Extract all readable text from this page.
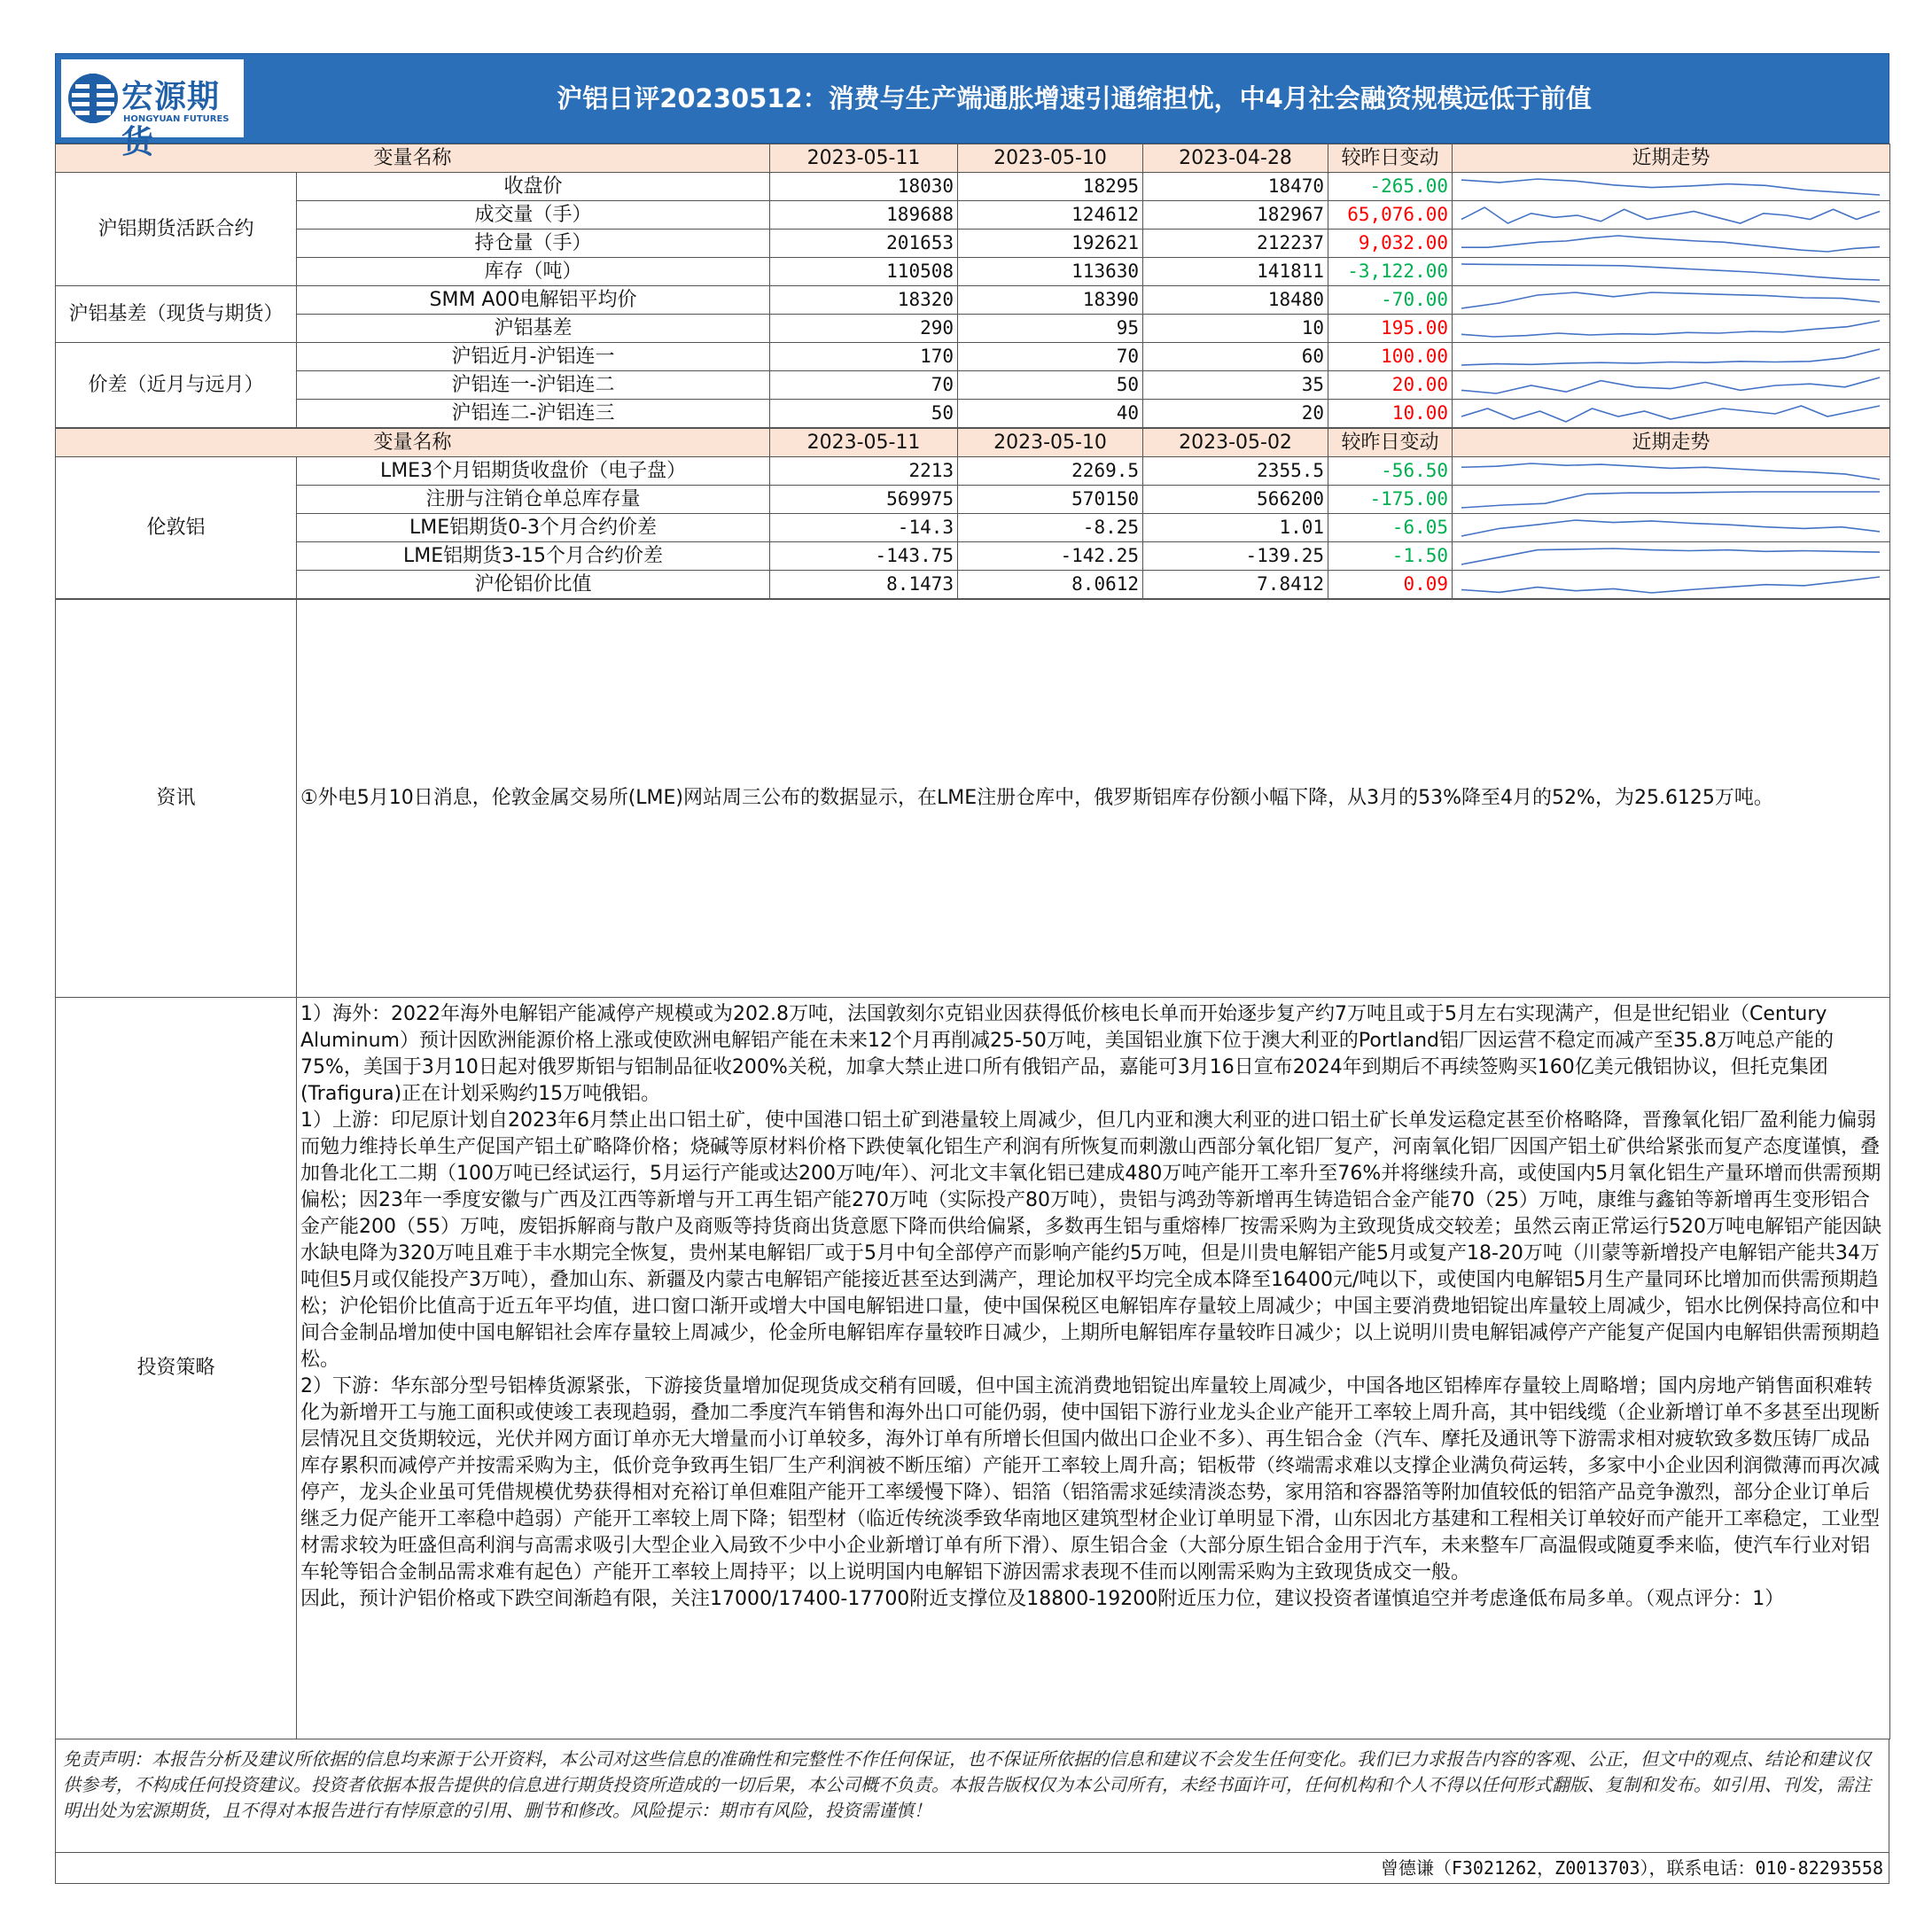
宏源期货
HONGYUAN FUTURES
沪铝日评20230512：消费与生产端通胀增速引通缩担忧，中4月社会融资规模远低于前值
变量名称		2023-05-11	2023-05-10	2023-04-28	较昨日变动	近期走势
沪铝期货活跃合约	收盘价	18030	18295	18470	-265.00	

	成交量（手）	189688	124612	182967	65,076.00	

	持仓量（手）	201653	192621	212237	9,032.00	

	库存（吨）	110508	113630	141811	-3,122.00	

沪铝基差（现货与期货）	SMM A00电解铝平均价	18320	18390	18480	-70.00	

	沪铝基差	290	95	10	195.00	

价差（近月与远月）	沪铝近月-沪铝连一	170	70	60	100.00	

	沪铝连一-沪铝连二	70	50	35	20.00	

	沪铝连二-沪铝连三	50	40	20	10.00	
变量名称		2023-05-11	2023-05-10	2023-05-02	较昨日变动	近期走势
伦敦铝	LME3个月铝期货收盘价（电子盘）	2213	2269.5	2355.5	-56.50	

	注册与注销仓单总库存量	569975	570150	566200	-175.00	

	LME铝期货0-3个月合约价差	-14.3	-8.25	1.01	-6.05	

	LME铝期货3-15个月合约价差	-143.75	-142.25	-139.25	-1.50	

	沪伦铝价比值	8.1473	8.0612	7.8412	0.09	
资讯	①外电5月10日消息，伦敦金属交易所(LME)网站周三公布的数据显示，在LME注册仓库中，俄罗斯铝库存份额小幅下降，从3月的53%降至4月的52%，为25.6125万吨。
投资策略	1）海外：2022年海外电解铝产能减停产规模或为202.8万吨，法国敦刻尔克铝业因获得低价核电长单而开始逐步复产约7万吨且或于5月左右实现满产，但是世纪铝业（Century Aluminum）预计因欧洲能源价格上涨或使欧洲电解铝产能在未来12个月再削减25-50万吨，美国铝业旗下位于澳大利亚的Portland铝厂因运营不稳定而减产至35.8万吨总产能的75%，美国于3月10日起对俄罗斯铝与铝制品征收200%关税，加拿大禁止进口所有俄铝产品，嘉能可3月16日宣布2024年到期后不再续签购买160亿美元俄铝协议，但托克集团(Trafigura)正在计划采购约15万吨俄铝。

1）上游：印尼原计划自2023年6月禁止出口铝土矿，使中国港口铝土矿到港量较上周减少，但几内亚和澳大利亚的进口铝土矿长单发运稳定甚至价格略降，晋豫氧化铝厂盈利能力偏弱而勉力维持长单生产促国产铝土矿略降价格；烧碱等原材料价格下跌使氧化铝生产利润有所恢复而刺激山西部分氧化铝厂复产，河南氧化铝厂因国产铝土矿供给紧张而复产态度谨慎，叠加鲁北化工二期（100万吨已经试运行，5月运行产能或达200万吨/年）、河北文丰氧化铝已建成480万吨产能开工率升至76%并将继续升高，或使国内5月氧化铝生产量环增而供需预期偏松；因23年一季度安徽与广西及江西等新增与开工再生铝产能270万吨（实际投产80万吨），贵铝与鸿劲等新增再生铸造铝合金产能70（25）万吨，康维与鑫铂等新增再生变形铝合金产能200（55）万吨，废铝拆解商与散户及商贩等持货商出货意愿下降而供给偏紧，多数再生铝与重熔棒厂按需采购为主致现货成交较差；虽然云南正常运行520万吨电解铝产能因缺水缺电降为320万吨且难于丰水期完全恢复，贵州某电解铝厂或于5月中旬全部停产而影响产能约5万吨，但是川贵电解铝产能5月或复产18-20万吨（川蒙等新增投产电解铝产能共34万吨但5月或仅能投产3万吨），叠加山东、新疆及内蒙古电解铝产能接近甚至达到满产，理论加权平均完全成本降至16400元/吨以下，或使国内电解铝5月生产量同环比增加而供需预期趋松；沪伦铝价比值高于近五年平均值，进口窗口渐开或增大中国电解铝进口量，使中国保税区电解铝库存量较上周减少；中国主要消费地铝锭出库量较上周减少，铝水比例保持高位和中间合金制品增加使中国电解铝社会库存量较上周减少，伦金所电解铝库存量较昨日减少，上期所电解铝库存量较昨日减少；以上说明川贵电解铝减停产产能复产促国内电解铝供需预期趋松。

2）下游：华东部分型号铝棒货源紧张，下游接货量增加促现货成交稍有回暖，但中国主流消费地铝锭出库量较上周减少，中国各地区铝棒库存量较上周略增；国内房地产销售面积难转化为新增开工与施工面积或使竣工表现趋弱，叠加二季度汽车销售和海外出口可能仍弱，使中国铝下游行业龙头企业产能开工率较上周升高，其中铝线缆（企业新增订单不多甚至出现断层情况且交货期较远，光伏并网方面订单亦无大增量而小订单较多，海外订单有所增长但国内做出口企业不多）、再生铝合金（汽车、摩托及通讯等下游需求相对疲软致多数压铸厂成品库存累积而减停产并按需采购为主，低价竞争致再生铝厂生产利润被不断压缩）产能开工率较上周升高；铝板带（终端需求难以支撑企业满负荷运转，多家中小企业因利润微薄而再次减停产，龙头企业虽可凭借规模优势获得相对充裕订单但难阻产能开工率缓慢下降）、铝箔（铝箔需求延续清淡态势，家用箔和容器箔等附加值较低的铝箔产品竞争激烈，部分企业订单后继乏力促产能开工率稳中趋弱）产能开工率较上周下降；铝型材（临近传统淡季致华南地区建筑型材企业订单明显下滑，山东因北方基建和工程相关订单较好而产能开工率稳定，工业型材需求较为旺盛但高利润与高需求吸引大型企业入局致不少中小企业新增订单有所下滑）、原生铝合金（大部分原生铝合金用于汽车，未来整车厂高温假或随夏季来临，使汽车行业对铝车轮等铝合金制品需求难有起色）产能开工率较上周持平；以上说明国内电解铝下游因需求表现不佳而以刚需采购为主致现货成交一般。

因此，预计沪铝价格或下跌空间渐趋有限，关注17000/17400-17700附近支撑位及18800-19200附近压力位，建议投资者谨慎追空并考虑逢低布局多单。（观点评分：1）

免责声明：本报告分析及建议所依据的信息均来源于公开资料，本公司对这些信息的准确性和完整性不作任何保证，也不保证所依据的信息和建议不会发生任何变化。我们已力求报告内容的客观、公正，但文中的观点、结论和建议仅供参考，不构成任何投资建议。投资者依据本报告提供的信息进行期货投资所造成的一切后果，本公司概不负责。本报告版权仅为本公司所有，未经书面许可，任何机构和个人不得以任何形式翻版、复制和发布。如引用、刊发，需注明出处为宏源期货，且不得对本报告进行有悖原意的引用、删节和修改。风险提示：期市有风险，投资需谨慎！
曾德谦（F3021262，Z0013703），联系电话：010-82293558
